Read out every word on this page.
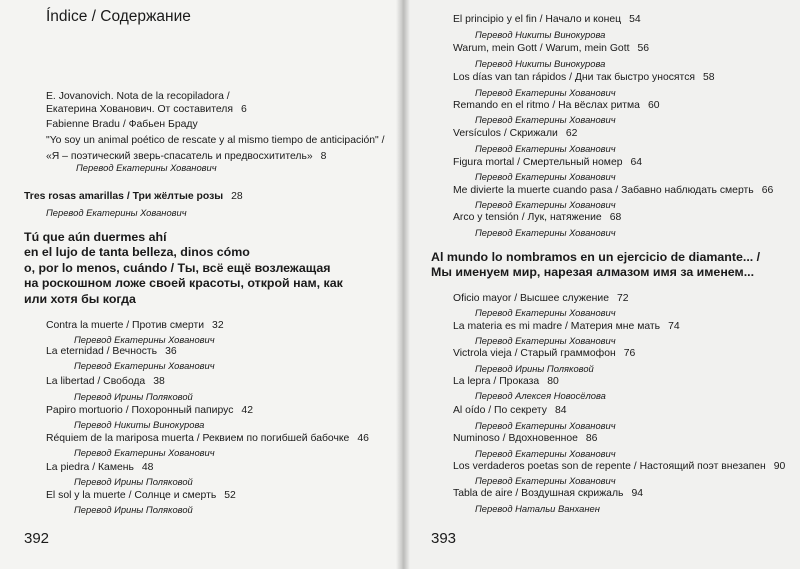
Índice / Содержание
E. Jovanovich. Nota de la recopiladora /
Екатерина Хованович. От составителя 6
Fabienne Bradu / Фабьен Браду
"Yo soy un animal poético de rescate y al mismo tiempo de anticipación" /
«Я – поэтический зверь-спасатель и предвосхититель» 8
Перевод Екатерины Хованович
Tres rosas amarillas / Три жёлтые розы 28
Перевод Екатерины Хованович
Tú que aún duermes ahí
en el lujo de tanta belleza, dinos cómo
o, por lo menos, cuándo / Ты, всё ещё возлежащая
на роскошном ложе своей красоты, открой нам, как
или хотя бы когда
Contra la muerte / Против смерти 32
Перевод Екатерины Хованович
La eternidad / Вечность 36
Перевод Екатерины Хованович
La libertad / Свобода 38
Перевод Ирины Поляковой
Papiro mortuorio / Похоронный папирус 42
Перевод Никиты Винокурова
Réquiem de la mariposa muerta / Реквием по погибшей бабочке 46
Перевод Екатерины Хованович
La piedra / Камень 48
Перевод Ирины Поляковой
El sol y la muerte / Солнце и смерть 52
Перевод Ирины Поляковой
392
El principio y el fin / Начало и конец 54
Перевод Никиты Винокурова
Warum, mein Gott / Warum, mein Gott 56
Перевод Никиты Винокурова
Los días van tan rápidos / Дни так быстро уносятся 58
Перевод Екатерины Хованович
Remando en el ritmo / На вёслах ритма 60
Перевод Екатерины Хованович
Versículos / Скрижали 62
Перевод Екатерины Хованович
Figura mortal / Смертельный номер 64
Перевод Екатерины Хованович
Me divierte la muerte cuando pasa / Забавно наблюдать смерть 66
Перевод Екатерины Хованович
Arco y tensión / Лук, натяжение 68
Перевод Екатерины Хованович
Al mundo lo nombramos en un ejercicio de diamante... /
Мы именуем мир, нарезая алмазом имя за именем...
Oficio mayor / Высшее служение 72
Перевод Екатерины Хованович
La materia es mi madre / Материя мне мать 74
Перевод Екатерины Хованович
Victrola vieja / Старый граммофон 76
Перевод Ирины Поляковой
La lepra / Проказа 80
Перевод Алексея Новосёлова
Al oído / По секрету 84
Перевод Екатерины Хованович
Numinoso / Вдохновенное 86
Перевод Екатерины Хованович
Los verdaderos poetas son de repente / Настоящий поэт внезапен 90
Перевод Екатерины Хованович
Tabla de aire / Воздушная скрижаль 94
Перевод Натальи Ванханен
393
